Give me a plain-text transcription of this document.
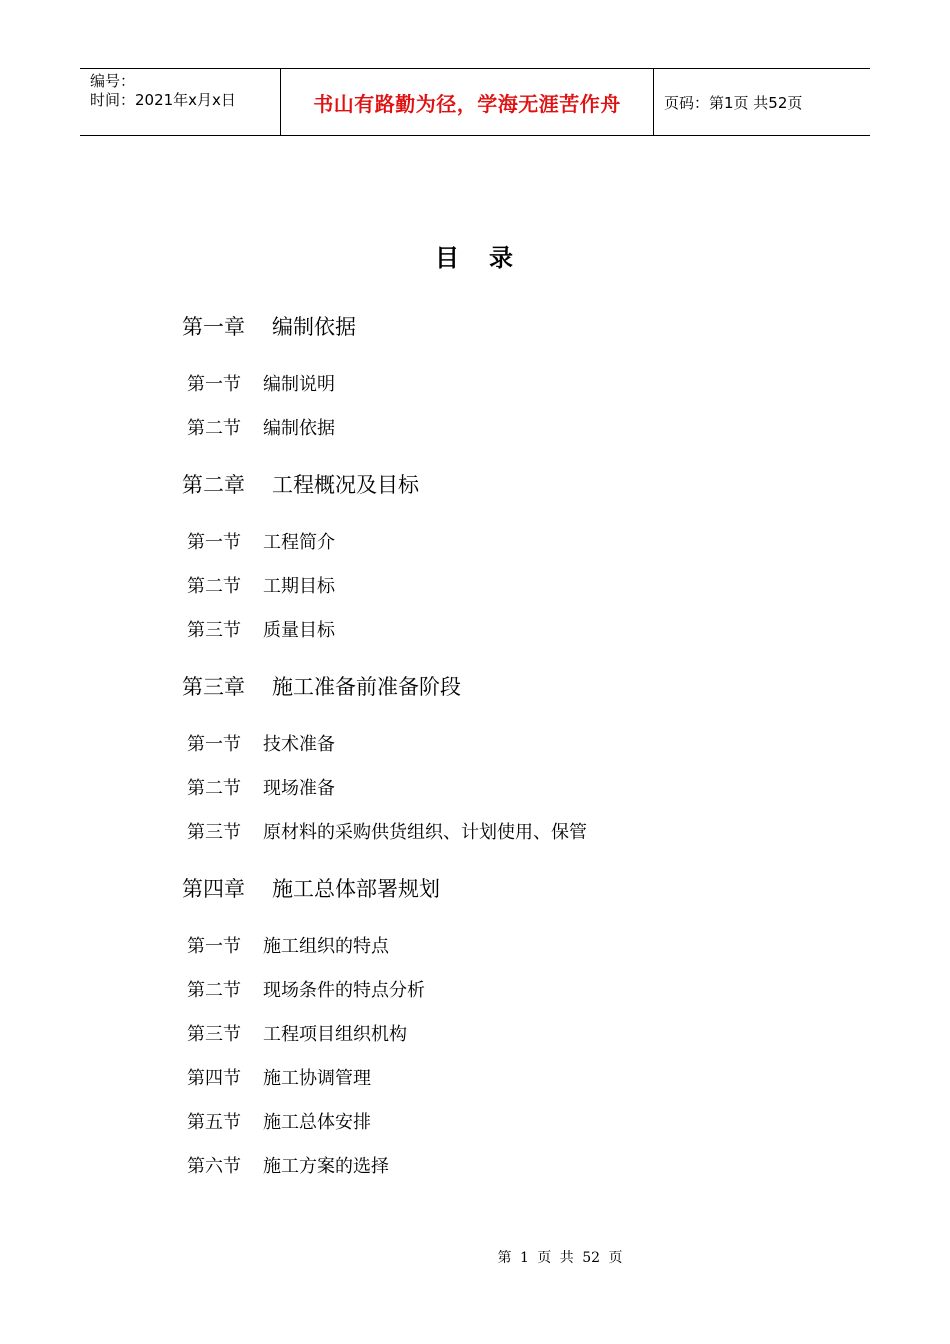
编号：
时间：2021年x月x日	书山有路勤为径，学海无涯苦作舟	页码：第1页 共52页
目录
第一章 编制依据
第一节 编制说明
第二节 编制依据
第二章 工程概况及目标
第一节 工程简介
第二节 工期目标
第三节 质量目标
第三章 施工准备前准备阶段
第一节 技术准备
第二节 现场准备
第三节 原材料的采购供货组织、计划使用、保管
第四章 施工总体部署规划
第一节 施工组织的特点
第二节 现场条件的特点分析
第三节 工程项目组织机构
第四节 施工协调管理
第五节 施工总体安排
第六节 施工方案的选择
第 1 页 共 52 页
